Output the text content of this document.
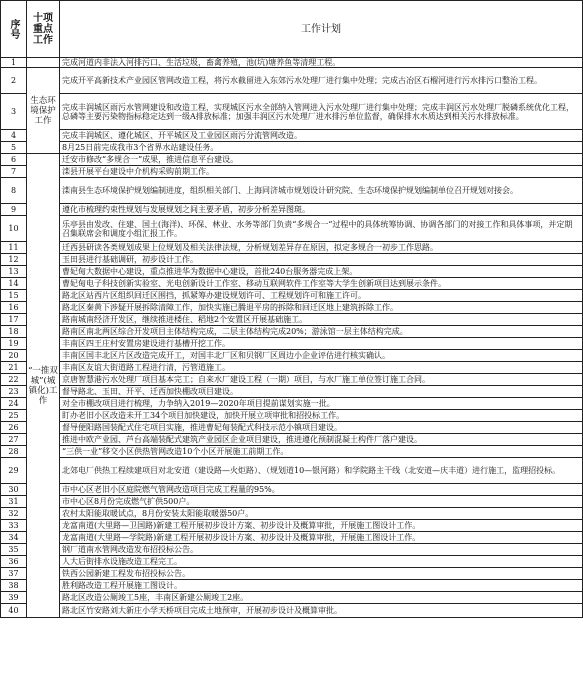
序号	十项重点工作	工作计划
1		完成河道内非法入河排污口、生活垃圾，畜禽养殖，池(坑)塘养鱼等清理工程。
2	生态环境保护工作	完成开平高新技术产业园区管网改造工程，将污水截留进入东郊污水处理厂进行集中处理；完成古冶区石榴河进行污水排污口整治工程。
3		完成丰润城区雨污水管网建设和改造工程，实现城区污水全部纳入管网进入污水处理厂进行集中处理；完成丰润区污水处理厂脱磷系统优化工程，总磷等主要污染物指标稳定达到一级A排放标准；加强丰润区污水处理厂进水排污单位监督，确保排水水质达到相关污水排放标准。
4		完成丰润城区、遵化城区、开平城区及工业园区雨污分流管网改造。
5		8月25日前完成我市3个省界水站建设任务。
6	“一推双城”(城镇化)工作	迁安市修改“多规合一”成果，推进信息平台建设。
7		滦县开展平台建设中介机构采购前期工作。
8		滦南县生态环境保护规划编制进度，组织相关部门、上海同济城市规划设计研究院、生态环境保护规划编制单位召开规划对接会。
9		遵化市梳理约束性规划与发展规划之间主要矛盾，初步分析差异图斑。
10		乐亭县由发改、住建、国土(海洋)、环保、林业、水务等部门负责“多规合一”过程中的具体统筹协调、协调各部门的对接工作和具体事项，并定期召集联席会和调度小组汇报工作。
11		迁西县研读各类规划成果上位规划及相关法律法规，分析规划差异存在原因，拟定多规合一初步工作思路。
12		玉田县进行基础调研，初步设计工作。
13		曹妃甸大数据中心建设，重点推进华为数据中心建设，首批240台服务器完成上架。
14		曹妃甸电子科技创新实验室、光电创新设计工作室、移动互联网软件工作室等大学生创新项目达到展示条件。
15		路北区站西片区组织回迁区围挡，抓紧筹办建设规划许可、工程规划许可和施工许可。
16		路北区秦黄下涉疑开展拆除清障工作，加快实施已腾退平房的拆除和回迁区地上建筑拆除工作。
17		路南城南经济开发区，继续推进楼住、稻地2个安置区开展基础施工。
18		路南区南北两区综合开发项目主体结构完成，二层主体结构完成20%；游泳馆一层主体结构完成。
19		丰南区四王庄村安置房建设进行基槽开挖工作。
20		丰南区国丰北区片区改造完成开工，对国丰北厂区和贝钢厂区周边小企业评估进行核实确认。
21		丰南区友谊大街道路工程进行清，污管道施工。
22		京唐智慧港污水处理厂项目基本完工；自来水厂建设工程（一期）项目，与水厂施工单位签订施工合同。
23		督导路北、玉田、开平、迁西加快棚改项目建设。
24		对全市棚改项目进行梳理，力争纳入2019—2020年项目提前谋划实施一批。
25		盯办老旧小区改造未开工34个项目加快建设，加快开展立项审批和招投标工作。
26		督导便阳路国装配式住宅项目实施，推进曹妃甸装配式科技示范小镇项目建设。
27		推进中欧产业园、芦台高端装配式建筑产业园区企业项目建设，推进遵化预制混凝土构件厂落户建设。
28		“三供一业”移交小区供热管网改造10个小区开展施工前期工作。
29		北郊电厂供热工程续建项目对北安道（建设路—火炬路）、（规划道10—银河路）和学院路主干线（北安道—庆丰道）进行施工，监理招投标。
30		市中心区老旧小区庭院燃气管网改造项目完成工程量的95%。
31		市中心区8月份完成燃气扩供500户。
32		农村太阳能取暖试点，8月份安装太阳能取暖器50户。
33		龙富南道(大里路—卫国路)新建工程开展初步设计方案、初步设计及概算审批，开展施工图设计工作。
34		龙富南道(大里路—学院路)新建工程开展初步设计方案、初步设计及概算审批，开展施工图设计工作。
35		钢厂道南水管网改造发布招投标公告。
36		人大后街排水设施改造工程完工。
37		铁西公园新建工程发布招投标公告。
38		胜利路改造工程开展施工图设计。
39		路北区改造公厕竣工5座，丰南区新建公厕竣工2座。
40		路北区竹安路刘大新庄小学天桥项目完成土地预审，开展初步设计及概算审批。
